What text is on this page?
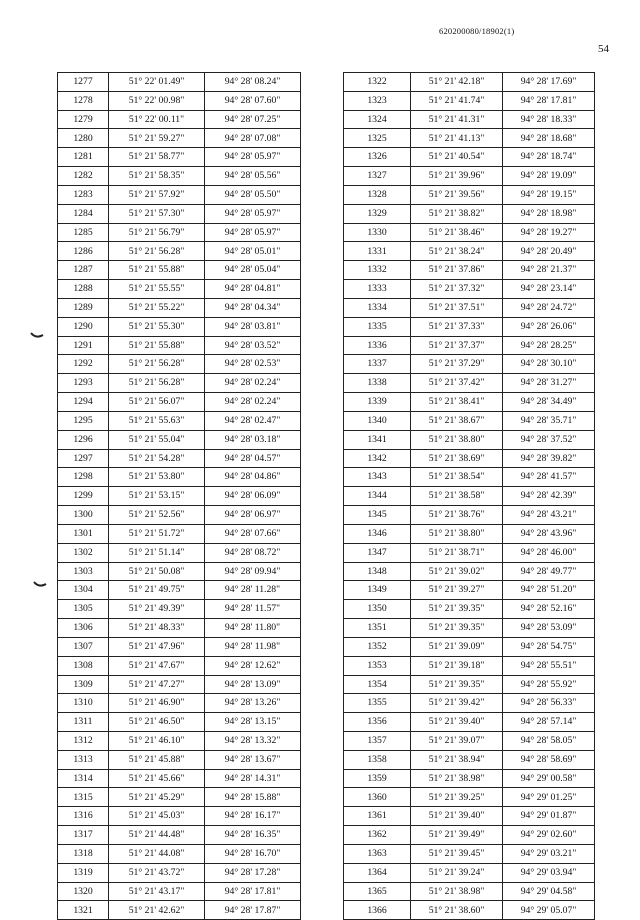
620200080/18902(1)
54
1277	51° 22' 01.49"	94° 28' 08.24"
1278	51° 22' 00.98"	94° 28' 07.60"
1279	51° 22' 00.11"	94° 28' 07.25"
1280	51° 21' 59.27"	94° 28' 07.08"
1281	51° 21' 58.77"	94° 28' 05.97"
1282	51° 21' 58.35"	94° 28' 05.56"
1283	51° 21' 57.92"	94° 28' 05.50"
1284	51° 21' 57.30"	94° 28' 05.97"
1285	51° 21' 56.79"	94° 28' 05.97"
1286	51° 21' 56.28"	94° 28' 05.01"
1287	51° 21' 55.88"	94° 28' 05.04"
1288	51° 21' 55.55"	94° 28' 04.81"
1289	51° 21' 55.22"	94° 28' 04.34"
1290	51° 21' 55.30"	94° 28' 03.81"
1291	51° 21' 55.88"	94° 28' 03.52"
1292	51° 21' 56.28"	94° 28' 02.53"
1293	51° 21' 56.28"	94° 28' 02.24"
1294	51° 21' 56.07"	94° 28' 02.24"
1295	51° 21' 55.63"	94° 28' 02.47"
1296	51° 21' 55.04"	94° 28' 03.18"
1297	51° 21' 54.28"	94° 28' 04.57"
1298	51° 21' 53.80"	94° 28' 04.86"
1299	51° 21' 53.15"	94° 28' 06.09"
1300	51° 21' 52.56"	94° 28' 06.97"
1301	51° 21' 51.72"	94° 28' 07.66"
1302	51° 21' 51.14"	94° 28' 08.72"
1303	51° 21' 50.08"	94° 28' 09.94"
1304	51° 21' 49.75"	94° 28' 11.28"
1305	51° 21' 49.39"	94° 28' 11.57"
1306	51° 21' 48.33"	94° 28' 11.80"
1307	51° 21' 47.96"	94° 28' 11.98"
1308	51° 21' 47.67"	94° 28' 12.62"
1309	51° 21' 47.27"	94° 28' 13.09"
1310	51° 21' 46.90"	94° 28' 13.26"
1311	51° 21' 46.50"	94° 28' 13.15"
1312	51° 21' 46.10"	94° 28' 13.32"
1313	51° 21' 45.88"	94° 28' 13.67"
1314	51° 21' 45.66"	94° 28' 14.31"
1315	51° 21' 45.29"	94° 28' 15.88"
1316	51° 21' 45.03"	94° 28' 16.17"
1317	51° 21' 44.48"	94° 28' 16.35"
1318	51° 21' 44.08"	94° 28' 16.70"
1319	51° 21' 43.72"	94° 28' 17.28"
1320	51° 21' 43.17"	94° 28' 17.81"
1321	51° 21' 42.62"	94° 28' 17.87"
1322	51° 21' 42.18"	94° 28' 17.69"
1323	51° 21' 41.74"	94° 28' 17.81"
1324	51° 21' 41.31"	94° 28' 18.33"
1325	51° 21' 41.13"	94° 28' 18.68"
1326	51° 21' 40.54"	94° 28' 18.74"
1327	51° 21' 39.96"	94° 28' 19.09"
1328	51° 21' 39.56"	94° 28' 19.15"
1329	51° 21' 38.82"	94° 28' 18.98"
1330	51° 21' 38.46"	94° 28' 19.27"
1331	51° 21' 38.24"	94° 28' 20.49"
1332	51° 21' 37.86"	94° 28' 21.37"
1333	51° 21' 37.32"	94° 28' 23.14"
1334	51° 21' 37.51"	94° 28' 24.72"
1335	51° 21' 37.33"	94° 28' 26.06"
1336	51° 21' 37.37"	94° 28' 28.25"
1337	51° 21' 37.29"	94° 28' 30.10"
1338	51° 21' 37.42"	94° 28' 31.27"
1339	51° 21' 38.41"	94° 28' 34.49"
1340	51° 21' 38.67"	94° 28' 35.71"
1341	51° 21' 38.80"	94° 28' 37.52"
1342	51° 21' 38.69"	94° 28' 39.82"
1343	51° 21' 38.54"	94° 28' 41.57"
1344	51° 21' 38.58"	94° 28' 42.39"
1345	51° 21' 38.76"	94° 28' 43.21"
1346	51° 21' 38.80"	94° 28' 43.96"
1347	51° 21' 38.71"	94° 28' 46.00"
1348	51° 21' 39.02"	94° 28' 49.77"
1349	51° 21' 39.27"	94° 28' 51.20"
1350	51° 21' 39.35"	94° 28' 52.16"
1351	51° 21' 39.35"	94° 28' 53.09"
1352	51° 21' 39.09"	94° 28' 54.75"
1353	51° 21' 39.18"	94° 28' 55.51"
1354	51° 21' 39.35"	94° 28' 55.92"
1355	51° 21' 39.42"	94° 28' 56.33"
1356	51° 21' 39.40"	94° 28' 57.14"
1357	51° 21' 39.07"	94° 28' 58.05"
1358	51° 21' 38.94"	94° 28' 58.69"
1359	51° 21' 38.98"	94° 29' 00.58"
1360	51° 21' 39.25"	94° 29' 01.25"
1361	51° 21' 39.40"	94° 29' 01.87"
1362	51° 21' 39.49"	94° 29' 02.60"
1363	51° 21' 39.45"	94° 29' 03.21"
1364	51° 21' 39.24"	94° 29' 03.94"
1365	51° 21' 38.98"	94° 29' 04.58"
1366	51° 21' 38.60"	94° 29' 05.07"
